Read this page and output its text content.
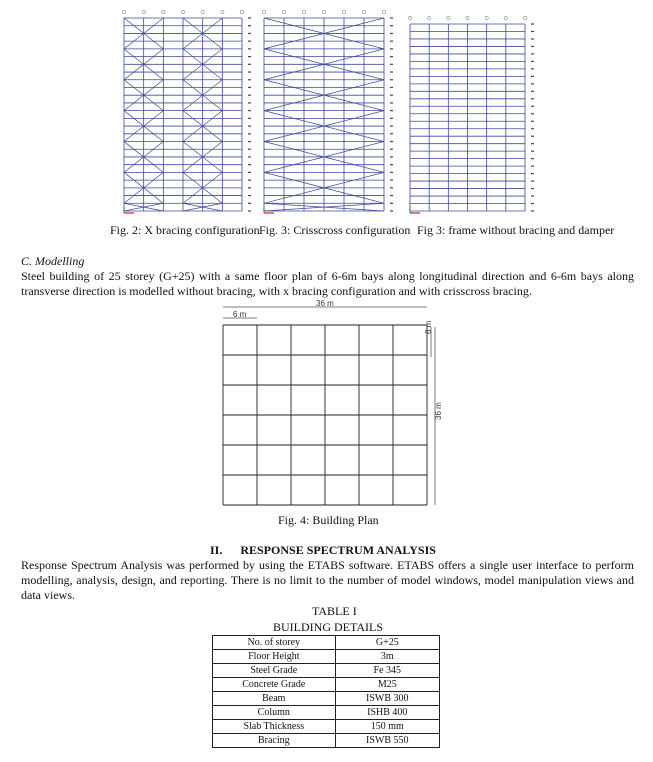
Fig. 2: X bracing configuration Fig. 3: Crisscross configuration Fig 3: frame without bracing and damper
C. Modelling
Steel building of 25 storey (G+25) with a same floor plan of 6-6m bays along longitudinal direction and 6-6m bays along transverse direction is modelled without bracing, with x bracing configuration and with crisscross bracing.
36 m
6 m
6 m
36 m
Fig. 4: Building Plan
II.      RESPONSE SPECTRUM ANALYSIS
Response Spectrum Analysis was performed by using the ETABS software. ETABS offers a single user interface to perform modelling, analysis, design, and reporting. There is no limit to the number of model windows, model manipulation views and data views.
TABLE I
BUILDING DETAILS
No. of storey	G+25
Floor Height	3m
Steel Grade	Fe 345
Concrete Grade	M25
Beam	ISWB 300
Column	ISHB 400
Slab Thickness	150 mm
Bracing	ISWB 550
